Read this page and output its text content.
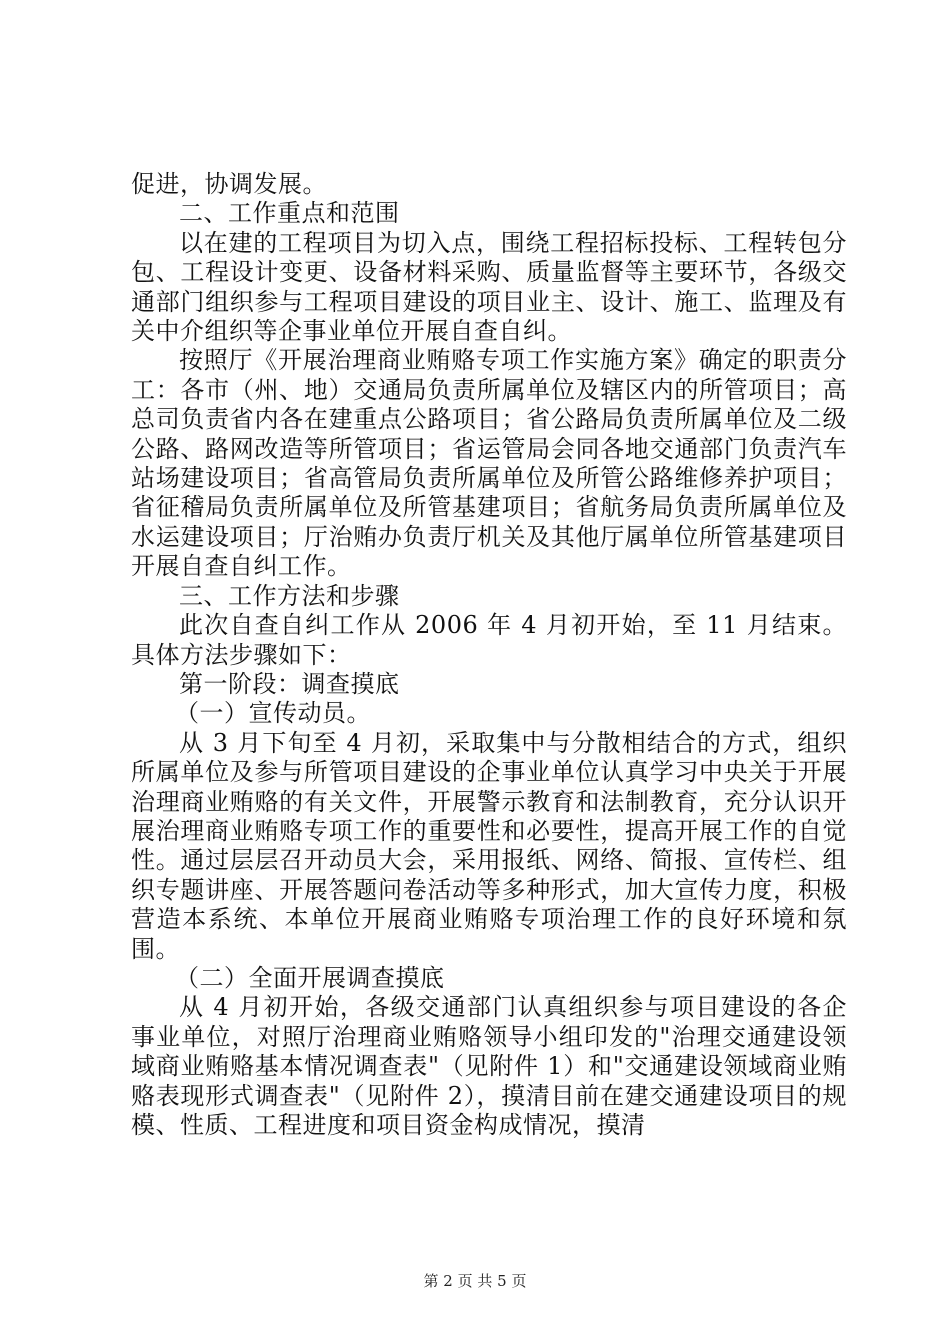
促进，协调发展。

二、工作重点和范围

以在建的工程项目为切入点，围绕工程招标投标、工程转包分包、工程设计变更、设备材料采购、质量监督等主要环节，各级交通部门组织参与工程项目建设的项目业主、设计、施工、监理及有关中介组织等企事业单位开展自查自纠。

按照厅《开展治理商业贿赂专项工作实施方案》确定的职责分工：各市（州、地）交通局负责所属单位及辖区内的所管项目；高总司负责省内各在建重点公路项目；省公路局负责所属单位及二级公路、路网改造等所管项目；省运管局会同各地交通部门负责汽车站场建设项目；省高管局负责所属单位及所管公路维修养护项目；省征稽局负责所属单位及所管基建项目；省航务局负责所属单位及水运建设项目；厅治贿办负责厅机关及其他厅属单位所管基建项目开展自查自纠工作。

三、工作方法和步骤

此次自查自纠工作从 2006 年 4 月初开始，至 11 月结束。具体方法步骤如下：

第一阶段：调查摸底

（一）宣传动员。

从 3 月下旬至 4 月初，采取集中与分散相结合的方式，组织所属单位及参与所管项目建设的企事业单位认真学习中央关于开展治理商业贿赂的有关文件，开展警示教育和法制教育，充分认识开展治理商业贿赂专项工作的重要性和必要性，提高开展工作的自觉性。通过层层召开动员大会，采用报纸、网络、简报、宣传栏、组织专题讲座、开展答题问卷活动等多种形式，加大宣传力度，积极营造本系统、本单位开展商业贿赂专项治理工作的良好环境和氛围。

（二）全面开展调查摸底

从 4 月初开始，各级交通部门认真组织参与项目建设的各企事业单位，对照厅治理商业贿赂领导小组印发的"治理交通建设领域商业贿赂基本情况调查表"（见附件 1）和"交通建设领域商业贿赂表现形式调查表"（见附件 2），摸清目前在建交通建设项目的规模、性质、工程进度和项目资金构成情况，摸清

第 2 页 共 5 页
